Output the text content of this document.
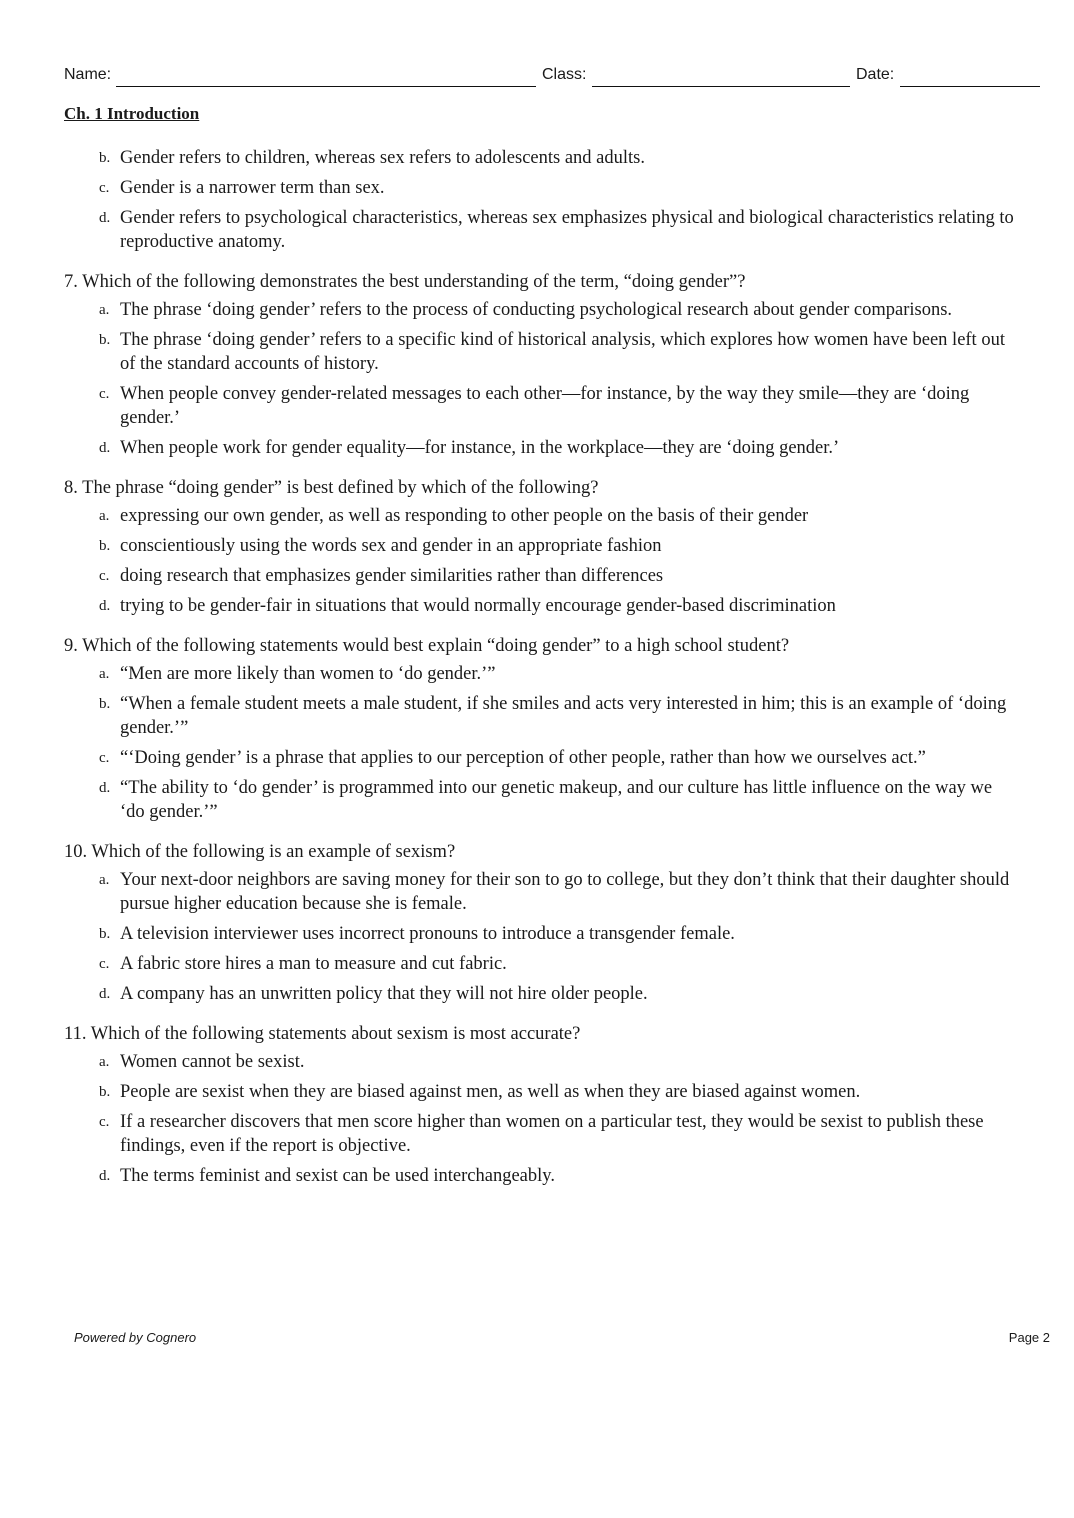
Name:	Class:	Date:
Ch. 1 Introduction
b. Gender refers to children, whereas sex refers to adolescents and adults.
c. Gender is a narrower term than sex.
d. Gender refers to psychological characteristics, whereas sex emphasizes physical and biological characteristics relating to reproductive anatomy.
7. Which of the following demonstrates the best understanding of the term, “doing gender”?
a. The phrase ‘doing gender’ refers to the process of conducting psychological research about gender comparisons.
b. The phrase ‘doing gender’ refers to a specific kind of historical analysis, which explores how women have been left out of the standard accounts of history.
c. When people convey gender-related messages to each other—for instance, by the way they smile—they are ‘doing gender.’
d. When people work for gender equality—for instance, in the workplace—they are ‘doing gender.’
8. The phrase “doing gender” is best defined by which of the following?
a. expressing our own gender, as well as responding to other people on the basis of their gender
b. conscientiously using the words sex and gender in an appropriate fashion
c. doing research that emphasizes gender similarities rather than differences
d. trying to be gender-fair in situations that would normally encourage gender-based discrimination
9. Which of the following statements would best explain “doing gender” to a high school student?
a. “Men are more likely than women to ‘do gender.’”
b. “When a female student meets a male student, if she smiles and acts very interested in him; this is an example of ‘doing gender.’”
c. “‘Doing gender’ is a phrase that applies to our perception of other people, rather than how we ourselves act.”
d. “The ability to ‘do gender’ is programmed into our genetic makeup, and our culture has little influence on the way we ‘do gender.’”
10. Which of the following is an example of sexism?
a. Your next-door neighbors are saving money for their son to go to college, but they don’t think that their daughter should pursue higher education because she is female.
b. A television interviewer uses incorrect pronouns to introduce a transgender female.
c. A fabric store hires a man to measure and cut fabric.
d. A company has an unwritten policy that they will not hire older people.
11. Which of the following statements about sexism is most accurate?
a. Women cannot be sexist.
b. People are sexist when they are biased against men, as well as when they are biased against women.
c. If a researcher discovers that men score higher than women on a particular test, they would be sexist to publish these findings, even if the report is objective.
d. The terms feminist and sexist can be used interchangeably.
Powered by Cognero	Page 2
